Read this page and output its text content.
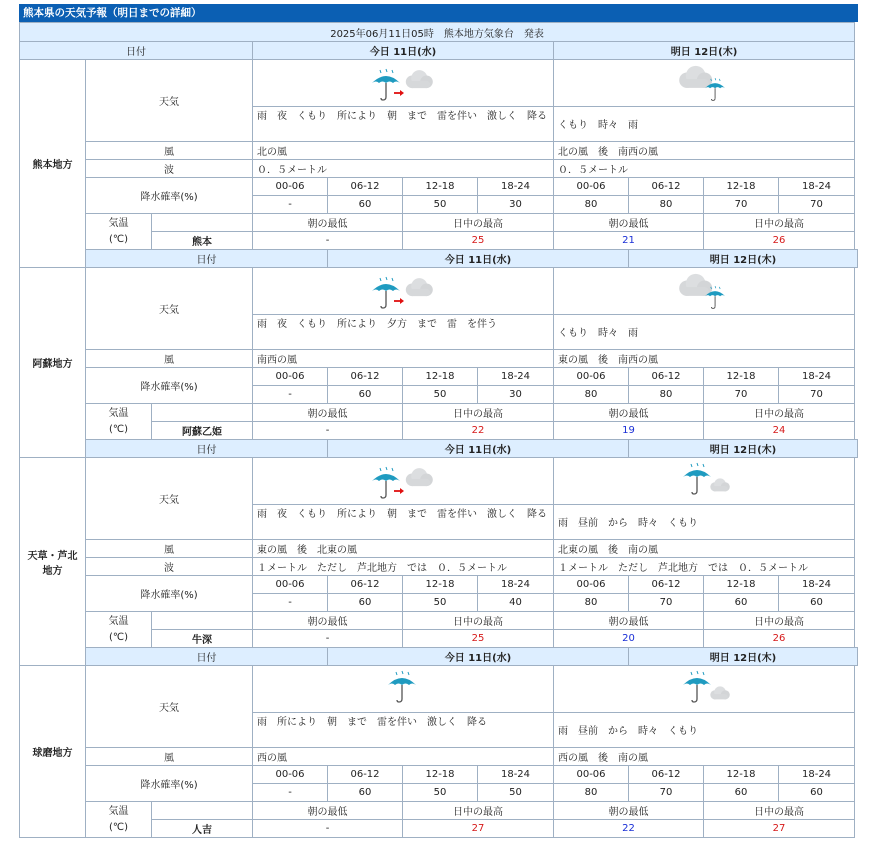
熊本県の天気予報（明日までの詳細）
2025年06月11日05時　熊本地方気象台　発表										
日付			今日 11日(水)				明日 12日(木)			
熊本地方	天気		
			雨　夜　くもり　所により　朝　まで　雷を伴い　激しく　降る				くもり　時々　雨			
	風		北の風				北の風　後　南西の風			
	波		０．５メートル				０．５メートル			
	降水確率(%)		00-06	06-12	12-18	18-24	00-06	06-12	12-18	18-24
			-	60	50	30	80	80	70	70
	気温
(℃)		朝の最低		日中の最高		朝の最低		日中の最高	
		熊本	-		25		21		26	
	日付			今日 11日(水)				明日 12日(木)		
阿蘇地方	天気		
			雨　夜　くもり　所により　夕方　まで　雷　を伴う				くもり　時々　雨			
	風		南西の風				東の風　後　南西の風			
	降水確率(%)		00-06	06-12	12-18	18-24	00-06	06-12	12-18	18-24
			-	60	50	30	80	80	70	70
	気温
(℃)		朝の最低		日中の最高		朝の最低		日中の最高	
		阿蘇乙姫	-		22		19		24	
	日付			今日 11日(水)				明日 12日(木)		
天草・芦北地方	天気		
			雨　夜　くもり　所により　朝　まで　雷を伴い　激しく　降る				雨　昼前　から　時々　くもり			
	風		東の風　後　北東の風				北東の風　後　南の風			
	波		１メートル　ただし　芦北地方　では　０．５メートル				１メートル　ただし　芦北地方　では　０．５メートル			
	降水確率(%)		00-06	06-12	12-18	18-24	00-06	06-12	12-18	18-24
			-	60	50	40	80	70	60	60
	気温
(℃)		朝の最低		日中の最高		朝の最低		日中の最高	
		牛深	-		25		20		26	
	日付			今日 11日(水)				明日 12日(木)		
球磨地方	天気		
			雨　所により　朝　まで　雷を伴い　激しく　降る				雨　昼前　から　時々　くもり			
	風		西の風				西の風　後　南の風			
	降水確率(%)		00-06	06-12	12-18	18-24	00-06	06-12	12-18	18-24
			-	60	50	50	80	70	60	60
	気温
(℃)		朝の最低		日中の最高		朝の最低		日中の最高	
		人吉	-		27		22		27	
